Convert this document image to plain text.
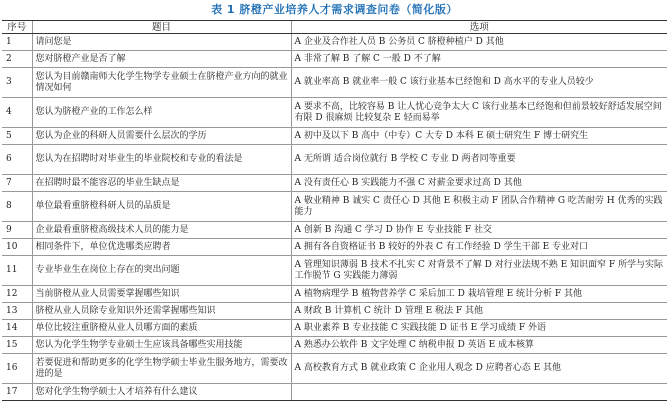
表 1 脐橙产业培养人才需求调查问卷（简化版）
序号	题目	选项
1	请问您是	A 企业及合作社人员 B 公务员 C 脐橙种植户 D 其他
2	您对脐橙产业是否了解	A 非常了解 B 了解 C 一般 D 不了解
3	您认为目前赣南师大化学生物学专业硕士在脐橙产业方向的就业情况如何	A 就业率高 B 就业率一般 C 该行业基本已经饱和 D 高水平的专业人员较少
4	您认为脐橙产业的工作怎么样	A 要求不高，比较容易 B 让人忧心竞争太大 C 该行业基本已经饱和但前景较好舒适发展空间有限 D 很麻烦 比较复杂 E 轻而易举
5	您认为企业的科研人员需要什么层次的学历	A 初中及以下 B 高中（中专）C 大专 D 本科 E 硕士研究生 F 博士研究生
6	您认为在招聘时对毕业生的毕业院校和专业的看法是	A 无所谓 适合岗位就行 B 学校 C 专业 D 两者同等重要
7	在招聘时最不能容忍的毕业生缺点是	A 没有责任心 B 实践能力不强 C 对薪金要求过高 D 其他
8	单位最看重脐橙科研人员的品质是	A 敬业精神 B 诚实 C 责任心 D 其他 E 积极主动 F 团队合作精神 G 吃苦耐劳 H 优秀的实践能力
9	企业最看重脐橙高级技术人员的能力是	A 创新 B 沟通 C 学习 D 协作 E 专业技能 F 社交
10	相同条件下，单位优选哪类应聘者	A 拥有各自资格证书 B 较好的外表 C 有工作经验 D 学生干部 E 专业对口
11	专业毕业生在岗位上存在的突出问题	A 管理知识薄弱 B 技术不扎实 C 对背景不了解 D 对行业法规不熟 E 知识面窄 F 所学与实际工作脱节 G 实践能力薄弱
12	当前脐橙从业人员需要掌握哪些知识	A 植物病理学 B 植物营养学 C 采后加工 D 栽培管理 E 统计分析 F 其他
13	脐橙从业人员除专业知识外还需掌握哪些知识	A 财政 B 计算机 C 统计 D 管理 E 税法 F 其他
14	单位比较注重脐橙从业人员哪方面的素质	A 职业素养 B 专业技能 C 实践技能 D 证书 E 学习成绩 F 外语
15	您认为化学生物学专业硕士生应该具备哪些实用技能	A 熟悉办公软件 B 文字处理 C 纳税申报 D 英语 E 成本核算
16	若要促进和帮助更多的化学生物学硕士毕业生服务地方，需要改进的是	A 高校教育方式 B 就业政策 C 企业用人观念 D 应聘者心态 E 其他
17	您对化学生物学硕士人才培养有什么建议	
